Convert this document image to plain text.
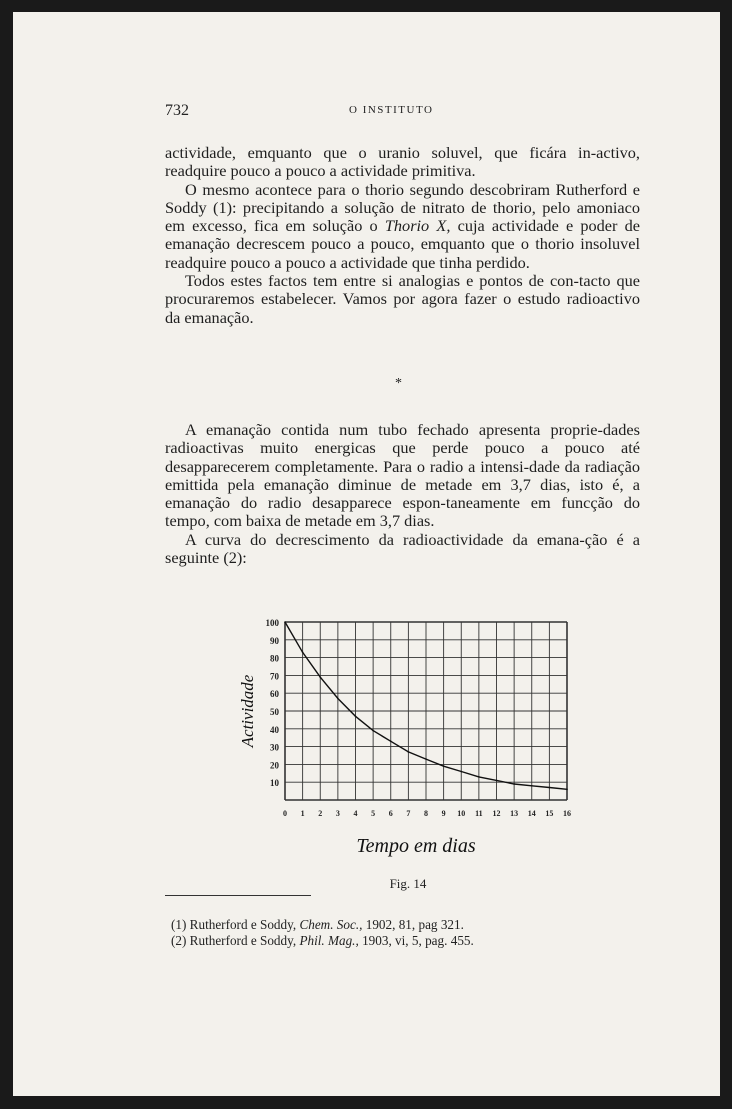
732	O INSTITUTO

actividade, emquanto que o uranio soluvel, que ficára in-activo, readquire pouco a pouco a actividade primitiva.

O mesmo acontece para o thorio segundo descobriram Rutherford e Soddy (1): precipitando a solução de nitrato de thorio, pelo amoniaco em excesso, fica em solução o Thorio X, cuja actividade e poder de emanação decrescem pouco a pouco, emquanto que o thorio insoluvel readquire pouco a pouco a actividade que tinha perdido.

Todos estes factos tem entre si analogias e pontos de con-tacto que procuraremos estabelecer. Vamos por agora fazer o estudo radioactivo da emanação.

*

A emanação contida num tubo fechado apresenta proprie-dades radioactivas muito energicas que perde pouco a pouco até desapparecerem completamente. Para o radio a intensi-dade da radiação emittida pela emanação diminue de metade em 3,7 dias, isto é, a emanação do radio desapparece espon-taneamente em funcção do tempo, com baixa de metade em 3,7 dias.

A curva do decrescimento da radioactividade da emana-ção é a seguinte (2):

100
90
80
70
60
50
40
30
20
10
0 1 2 3 4 5 6 7 8 9 10 11 12 13 14 15 16
Actividade
Tempo em dias
Fig. 14
(1) Rutherford e Soddy, Chem. Soc., 1902, 81, pag 321.
(2) Rutherford e Soddy, Phil. Mag., 1903, vi, 5, pag. 455.
